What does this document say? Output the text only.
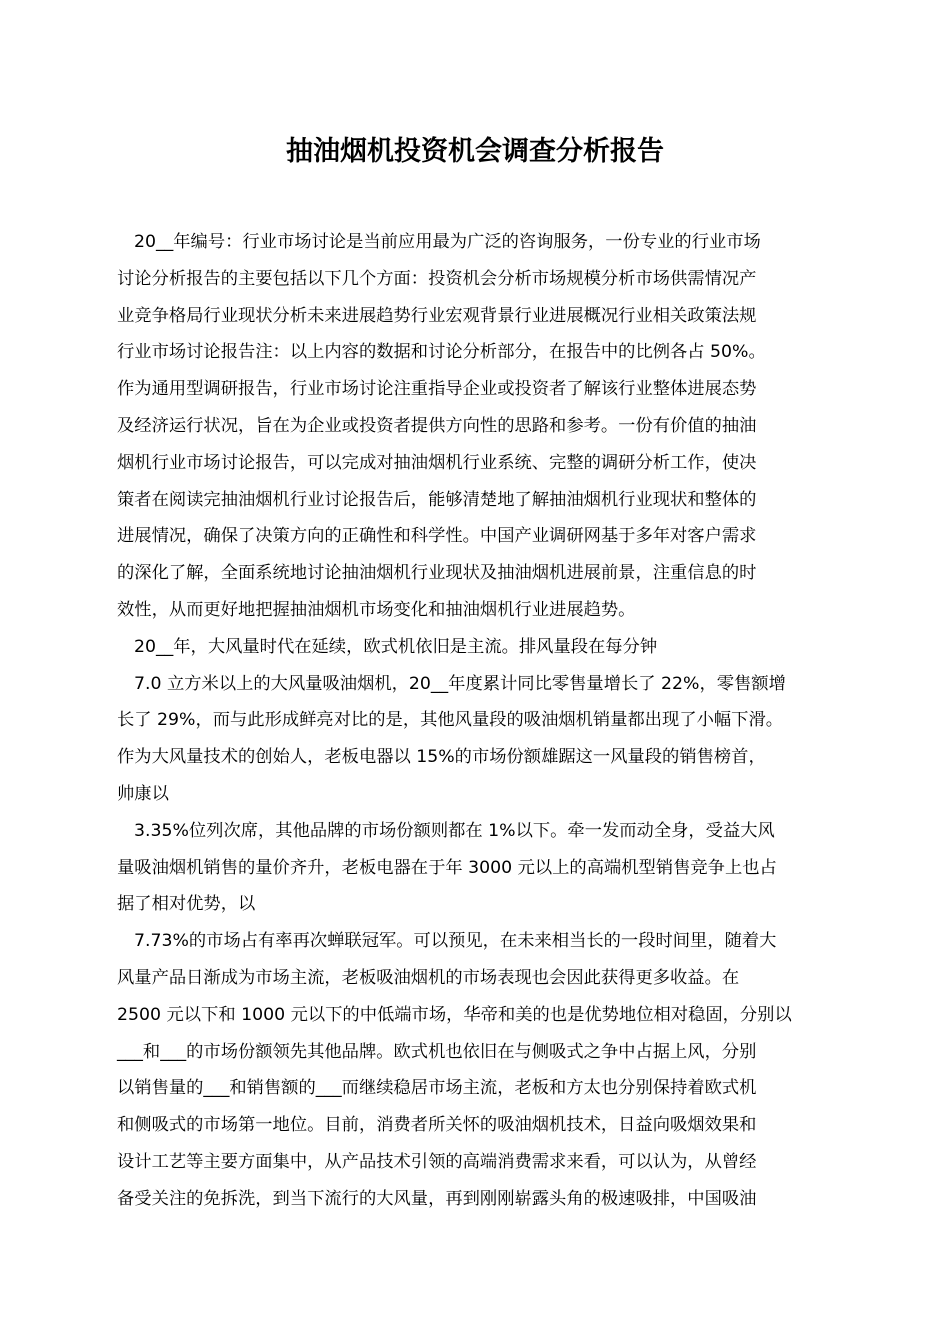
抽油烟机投资机会调查分析报告
20__年编号：行业市场讨论是当前应用最为广泛的咨询服务，一份专业的行业市场
讨论分析报告的主要包括以下几个方面：投资机会分析市场规模分析市场供需情况产
业竞争格局行业现状分析未来进展趋势行业宏观背景行业进展概况行业相关政策法规
行业市场讨论报告注：以上内容的数据和讨论分析部分，在报告中的比例各占 50%。
作为通用型调研报告，行业市场讨论注重指导企业或投资者了解该行业整体进展态势
及经济运行状况，旨在为企业或投资者提供方向性的思路和参考。一份有价值的抽油
烟机行业市场讨论报告，可以完成对抽油烟机行业系统、完整的调研分析工作，使决
策者在阅读完抽油烟机行业讨论报告后，能够清楚地了解抽油烟机行业现状和整体的
进展情况，确保了决策方向的正确性和科学性。中国产业调研网基于多年对客户需求
的深化了解，全面系统地讨论抽油烟机行业现状及抽油烟机进展前景，注重信息的时
效性，从而更好地把握抽油烟机市场变化和抽油烟机行业进展趋势。
20__年，大风量时代在延续，欧式机依旧是主流。排风量段在每分钟
7.0 立方米以上的大风量吸油烟机，20__年度累计同比零售量增长了 22%，零售额增
长了 29%，而与此形成鲜亮对比的是，其他风量段的吸油烟机销量都出现了小幅下滑。
作为大风量技术的创始人，老板电器以 15%的市场份额雄踞这一风量段的销售榜首，
帅康以
3.35%位列次席，其他品牌的市场份额则都在 1%以下。牵一发而动全身，受益大风
量吸油烟机销售的量价齐升，老板电器在于年 3000 元以上的高端机型销售竞争上也占
据了相对优势，以
7.73%的市场占有率再次蝉联冠军。可以预见，在未来相当长的一段时间里，随着大
风量产品日渐成为市场主流，老板吸油烟机的市场表现也会因此获得更多收益。在
2500 元以下和 1000 元以下的中低端市场，华帝和美的也是优势地位相对稳固，分别以
___和___的市场份额领先其他品牌。欧式机也依旧在与侧吸式之争中占据上风，分别
以销售量的___和销售额的___而继续稳居市场主流，老板和方太也分别保持着欧式机
和侧吸式的市场第一地位。目前，消费者所关怀的吸油烟机技术，日益向吸烟效果和
设计工艺等主要方面集中，从产品技术引领的高端消费需求来看，可以认为，从曾经
备受关注的免拆洗，到当下流行的大风量，再到刚刚崭露头角的极速吸排，中国吸油
